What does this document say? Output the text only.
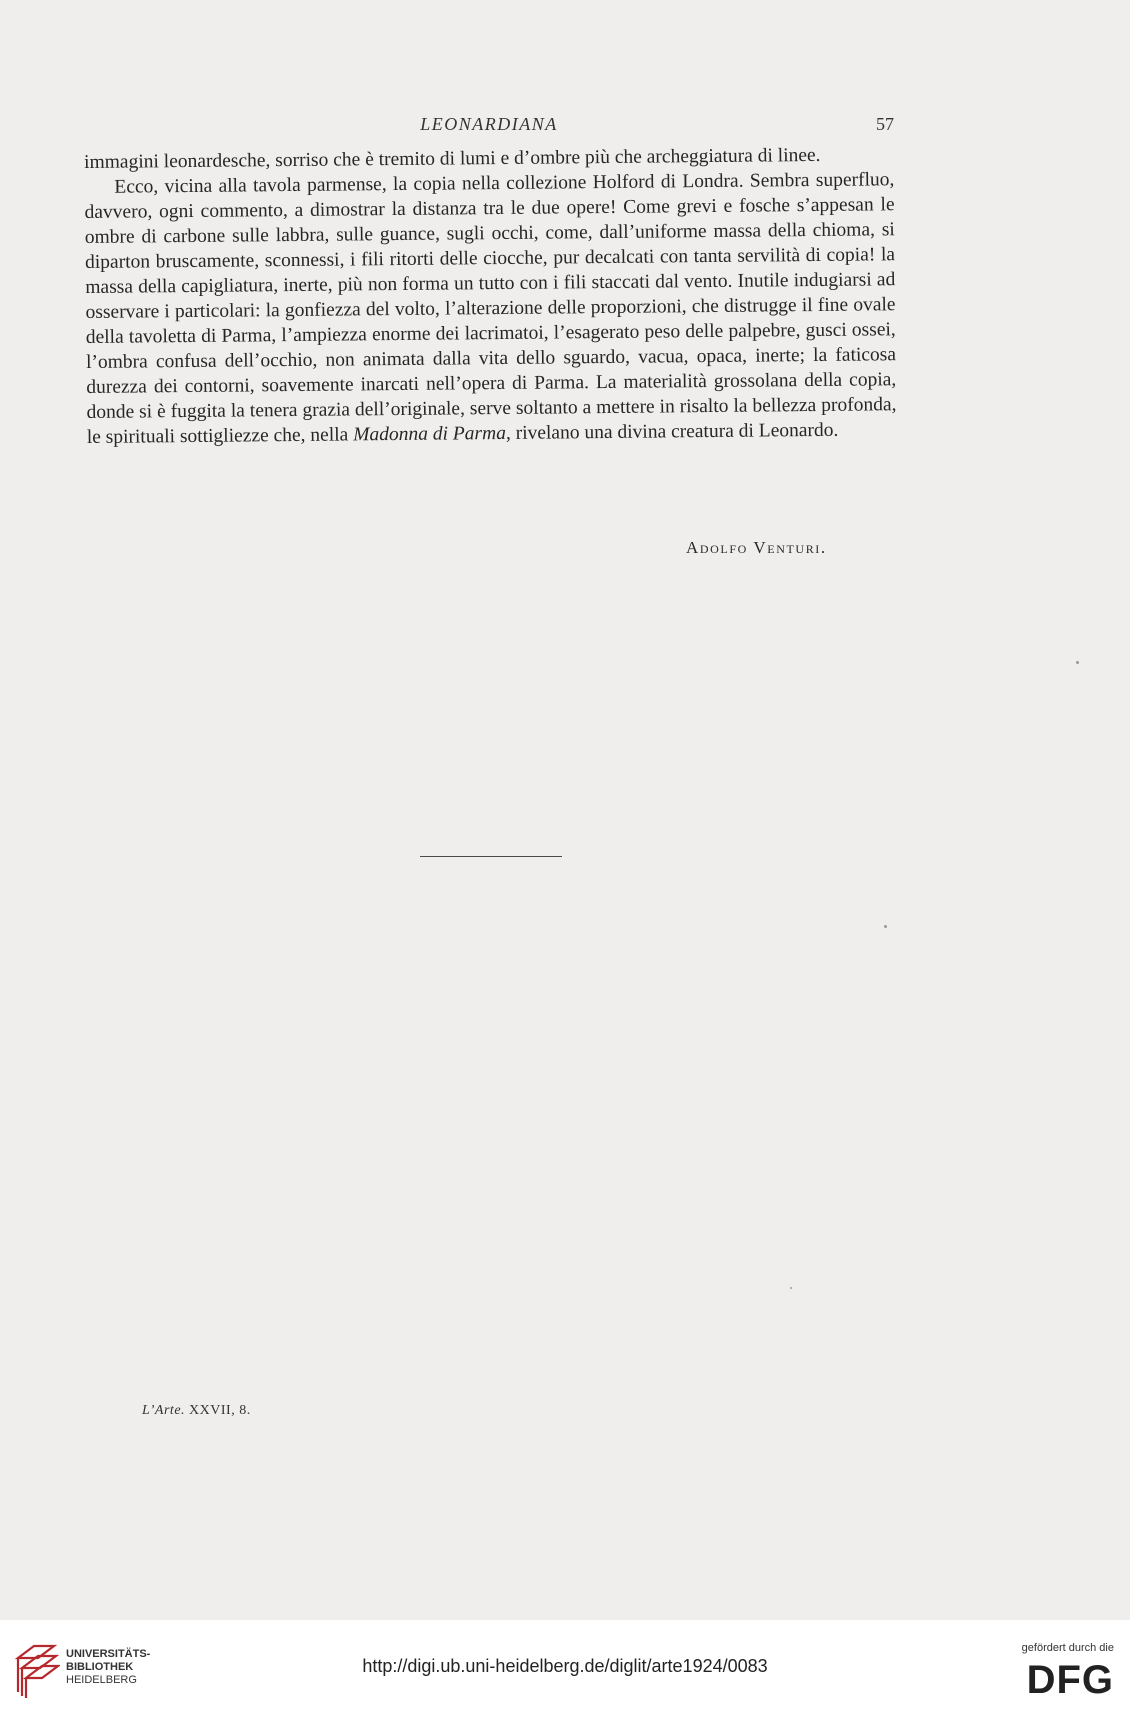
LEONARDIANA	57

immagini leonardesche, sorriso che è tremito di lumi e d’ombre più che archeggiatura di linee.

Ecco, vicina alla tavola parmense, la copia nella collezione Holford di Londra. Sembra superfluo, davvero, ogni commento, a dimostrar la distanza tra le due opere! Come grevi e fosche s’appesan le ombre di carbone sulle labbra, sulle guance, sugli occhi, come, dall’uniforme massa della chioma, si diparton bruscamente, sconnessi, i fili ritorti delle ciocche, pur decalcati con tanta servilità di copia! la massa della capigliatura, inerte, più non forma un tutto con i fili staccati dal vento. Inutile indugiarsi ad osservare i particolari: la gonfiezza del volto, l’alterazione delle proporzioni, che distrugge il fine ovale della tavoletta di Parma, l’ampiezza enorme dei lacrimatoi, l’esagerato peso delle palpebre, gusci ossei, l’ombra confusa dell’occhio, non animata dalla vita dello sguardo, vacua, opaca, inerte; la faticosa durezza dei contorni, soavemente inarcati nell’opera di Parma. La materialità grossolana della copia, donde si è fuggita la tenera grazia dell’originale, serve soltanto a mettere in risalto la bellezza profonda, le spirituali sottigliezze che, nella Madonna di Parma, rivelano una divina creatura di Leonardo.

Adolfo Venturi.
L’Arte. XXVII, 8.
UNIVERSITÄTS-
BIBLIOTHEK
HEIDELBERG
http://digi.ub.uni-heidelberg.de/diglit/arte1924/0083
gefördert durch die
DFG
